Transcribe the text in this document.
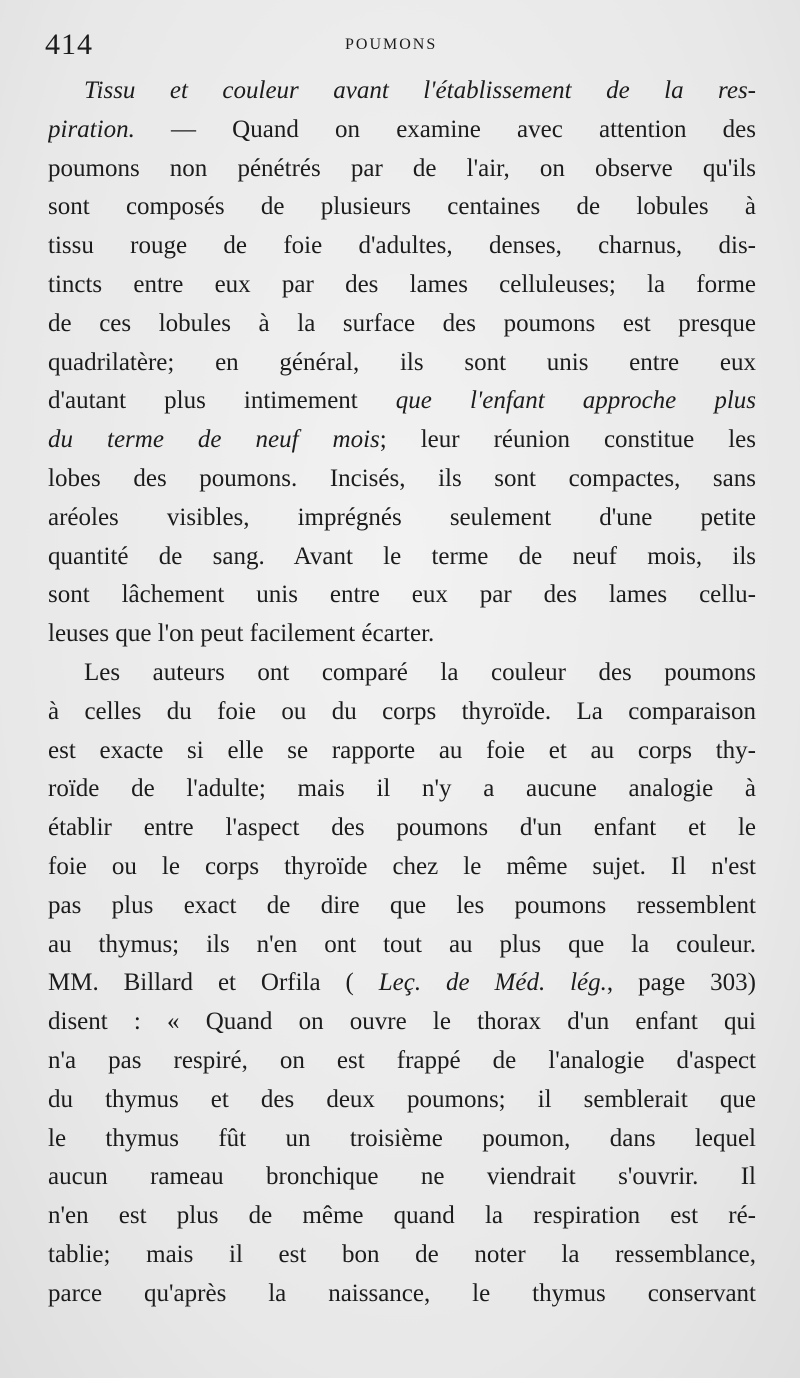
414	POUMONS
Tissu et couleur avant l'établissement de la res-
piration. — Quand on examine avec attention des
poumons non pénétrés par de l'air, on observe qu'ils
sont composés de plusieurs centaines de lobules à
tissu rouge de foie d'adultes, denses, charnus, dis-
tincts entre eux par des lames celluleuses; la forme
de ces lobules à la surface des poumons est presque
quadrilatère; en général, ils sont unis entre eux
d'autant plus intimement que l'enfant approche plus
du terme de neuf mois; leur réunion constitue les
lobes des poumons. Incisés, ils sont compactes, sans
aréoles visibles, imprégnés seulement d'une petite
quantité de sang. Avant le terme de neuf mois, ils
sont lâchement unis entre eux par des lames cellu-
leuses que l'on peut facilement écarter.
Les auteurs ont comparé la couleur des poumons
à celles du foie ou du corps thyroïde. La comparaison
est exacte si elle se rapporte au foie et au corps thy-
roïde de l'adulte; mais il n'y a aucune analogie à
établir entre l'aspect des poumons d'un enfant et le
foie ou le corps thyroïde chez le même sujet. Il n'est
pas plus exact de dire que les poumons ressemblent
au thymus; ils n'en ont tout au plus que la couleur.
MM. Billard et Orfila ( Leç. de Méd. lég., page 303)
disent : « Quand on ouvre le thorax d'un enfant qui
n'a pas respiré, on est frappé de l'analogie d'aspect
du thymus et des deux poumons; il semblerait que
le thymus fût un troisième poumon, dans lequel
aucun rameau bronchique ne viendrait s'ouvrir. Il
n'en est plus de même quand la respiration est ré-
tablie; mais il est bon de noter la ressemblance,
parce qu'après la naissance, le thymus conservant
